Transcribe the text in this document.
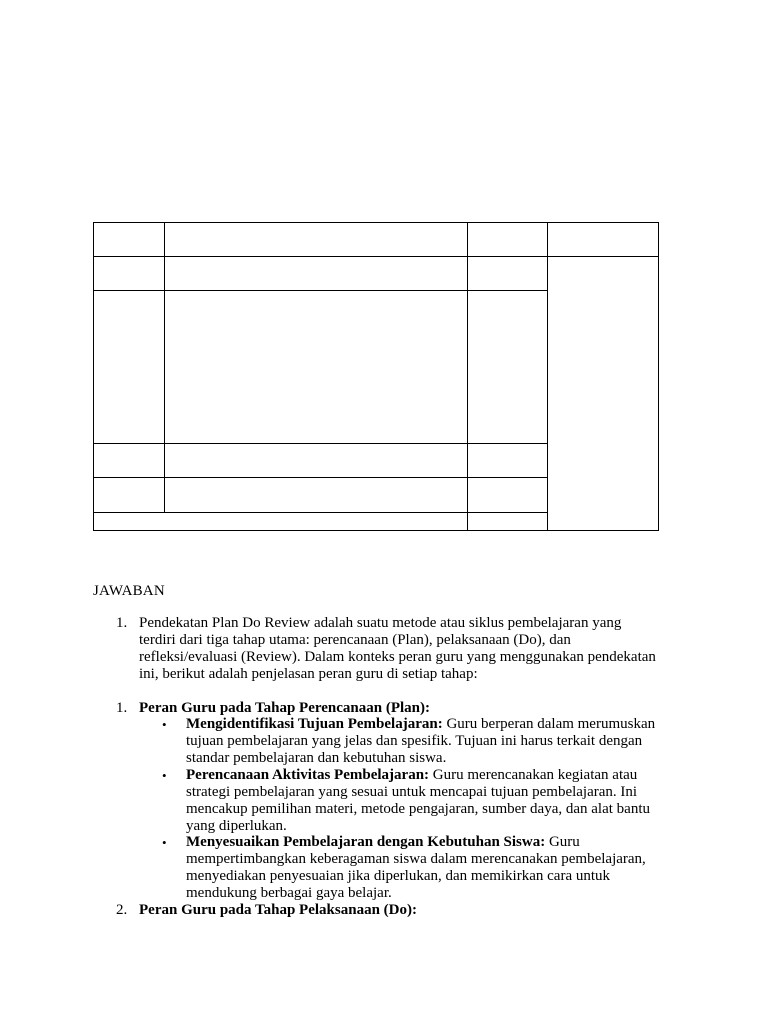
JAWABAN
1. Pendekatan Plan Do Review adalah suatu metode atau siklus pembelajaran yang
terdiri dari tiga tahap utama: perencanaan (Plan), pelaksanaan (Do), dan
refleksi/evaluasi (Review). Dalam konteks peran guru yang menggunakan pendekatan
ini, berikut adalah penjelasan peran guru di setiap tahap:
1. Peran Guru pada Tahap Perencanaan (Plan):
• Mengidentifikasi Tujuan Pembelajaran: Guru berperan dalam merumuskan
tujuan pembelajaran yang jelas dan spesifik. Tujuan ini harus terkait dengan
standar pembelajaran dan kebutuhan siswa.
• Perencanaan Aktivitas Pembelajaran: Guru merencanakan kegiatan atau
strategi pembelajaran yang sesuai untuk mencapai tujuan pembelajaran. Ini
mencakup pemilihan materi, metode pengajaran, sumber daya, dan alat bantu
yang diperlukan.
• Menyesuaikan Pembelajaran dengan Kebutuhan Siswa: Guru
mempertimbangkan keberagaman siswa dalam merencanakan pembelajaran,
menyediakan penyesuaian jika diperlukan, dan memikirkan cara untuk
mendukung berbagai gaya belajar.
2. Peran Guru pada Tahap Pelaksanaan (Do):
